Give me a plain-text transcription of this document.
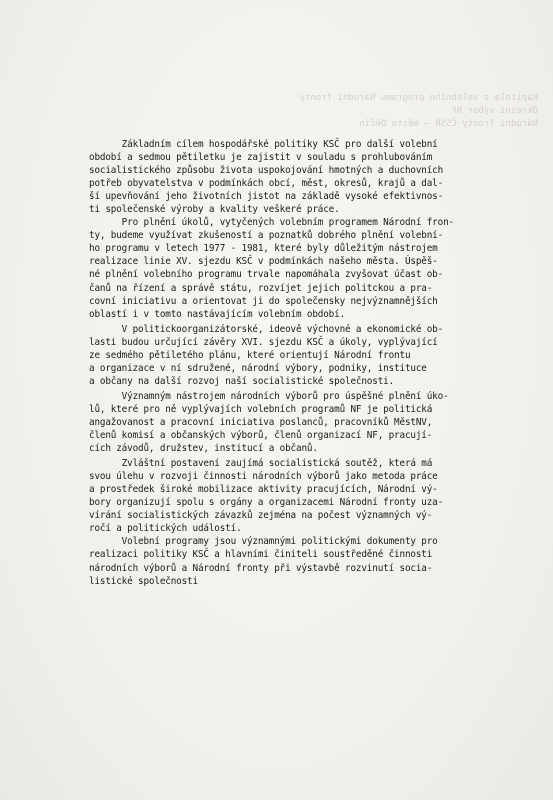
Kapitola z volebního programu Národní fronty
Okresní výbor NF
Národní fronty ČSSR – město Děčín
Základním cílem hospodářské politiky KSČ pro další volební
období a sedmou pětiletku je zajistit v souladu s prohlubováním
socialistického způsobu života uspokojování hmotných a duchovních
potřeb obyvatelstva v podmínkách obcí, měst, okresů, krajů a dal-
ší upevňování jeho životních jistot na základě vysoké efektivnos-
ti společenské výroby a kvality veškeré práce.
Pro plnění úkolů, vytyčených volebním programem Národní fron-
ty, budeme využívat zkušeností a poznatků dobrého plnění volební-
ho programu v letech 1977 - 1981, které byly důležitým nástrojem
realizace linie XV. sjezdu KSČ v podmínkách našeho města. Úspěš-
né plnění volebního programu trvale napomáhala zvyšovat účast ob-
čanů na řízení a správě státu, rozvíjet jejich politckou a pra-
covní iniciativu a orientovat ji do společensky nejvýznamnějších
oblastí i v tomto nastávajícím volebním období.
V politickoorganizátorské, ideově výchovné a ekonomické ob-
lasti budou určující závěry XVI. sjezdu KSČ a úkoly, vyplývající
ze sedmého pětiletého plánu, které orientují Národní frontu
a organizace v ní sdružené, národní výbory, podniky, instituce
a občany na další rozvoj naší socialistické společnosti.
Významným nástrojem národních výborů pro úspěšné plnění úko-
lů, které pro ně vyplývajích volebních programů NF je politická
angažovanost a pracovní iniciativa poslanců, pracovníků MěstNV,
členů komisí a občanských výborů, členů organizací NF, pracují-
cích závodů, družstev, institucí a občanů.
Zvláštní postavení zaujímá socialistická soutěž, která má
svou úlehu v rozvoji činnosti národních výborů jako metoda práce
a prostředek široké mobilizace aktivity pracujících, Národní vý-
bory organizují spolu s orgány a organizacemi Národní fronty uza-
vírání socialistických závazků zejména na počest významných vý-
ročí a politických událostí.
Volební programy jsou významnými politickými dokumenty pro
realizaci politiky KSČ a hlavními činiteli soustředěné činnosti
národních výborů a Národní fronty při výstavbě rozvinutí socia-
listické společnosti
